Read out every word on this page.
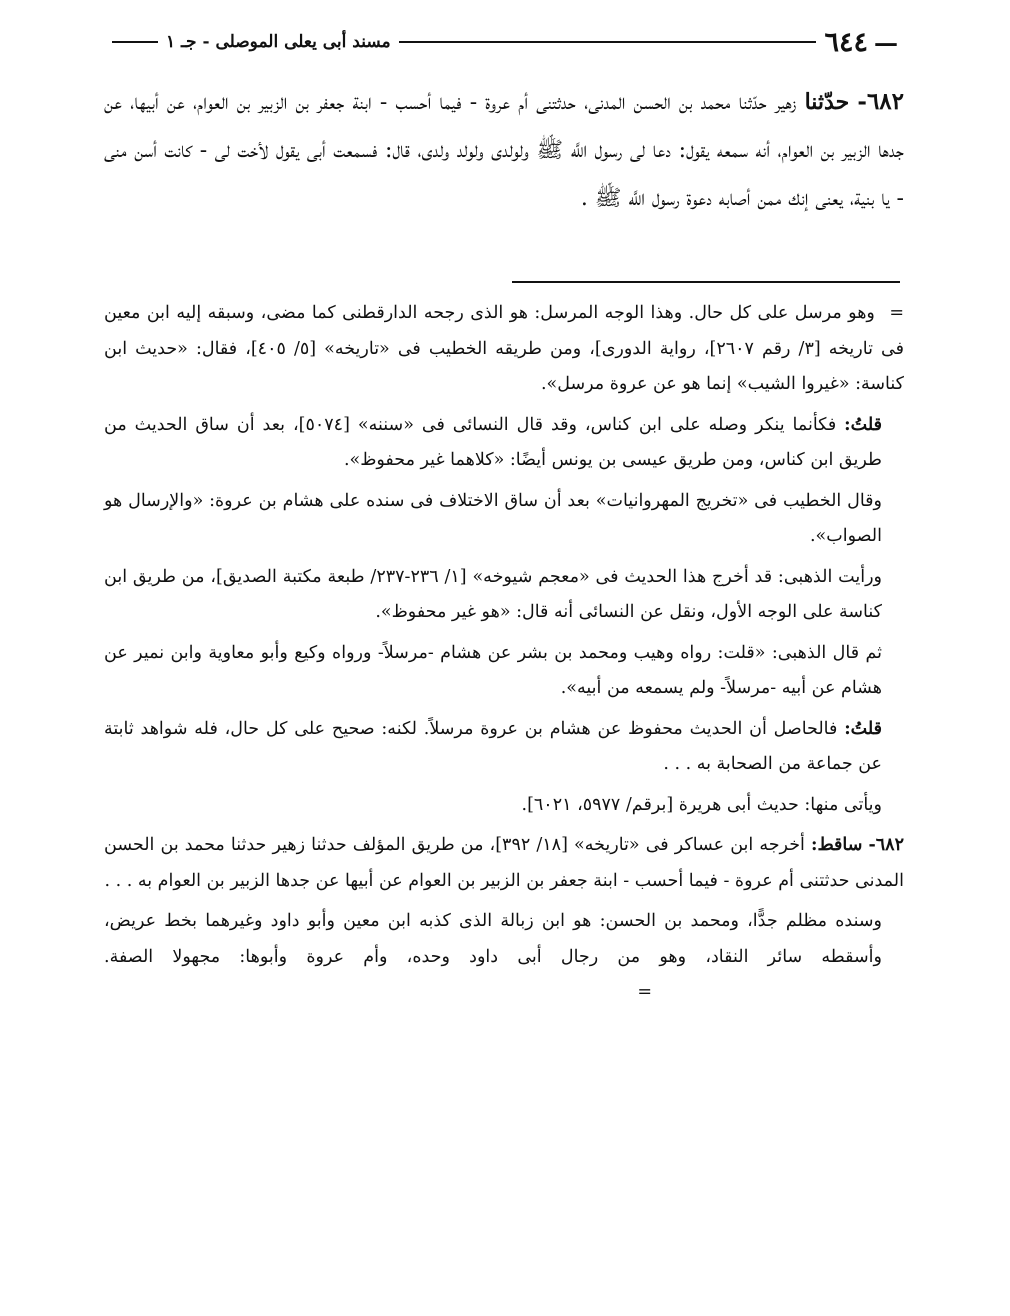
—
٦٤٤
مسند أبى يعلى الموصلى - جـ ١

٦٨٢- حدّثنا زهير حدّثنا محمد بن الحسن المدنى، حدثتنى أم عروة - فيما أحسب - ابنة جعفر بن الزبير بن العوام، عن أبيها، عن جدها الزبير بن العوام، أنه سمعه يقول: دعا لى رسول اللَّه ﷺ ولولدى ولولد ولدى، قال: فسمعت أبى يقول لأخت لى - كانت أسن منى - يا بنية، يعنى إنك ممن أصابه دعوة رسول اللَّه ﷺ .

= وهو مرسل على كل حال. وهذا الوجه المرسل: هو الذى رجحه الدارقطنى كما مضى، وسبقه إليه ابن معين فى تاريخه [٣/ رقم ٢٦٠٧]، رواية الدورى]، ومن طريقه الخطيب فى «تاريخه» [٥/ ٤٠٥]، فقال: «حديث ابن كناسة: «غيروا الشيب» إنما هو عن عروة مرسل».

قلتُ: فكأنما ينكر وصله على ابن كناس، وقد قال النسائى فى «سننه» [٥٠٧٤]، بعد أن ساق الحديث من طريق ابن كناس، ومن طريق عيسى بن يونس أيضًا: «كلاهما غير محفوظ».

وقال الخطيب فى «تخريج المهروانيات» بعد أن ساق الاختلاف فى سنده على هشام بن عروة: «والإرسال هو الصواب».

ورأيت الذهبى: قد أخرج هذا الحديث فى «معجم شيوخه» [١/ ٢٣٦-٢٣٧/ طبعة مكتبة الصديق]، من طريق ابن كناسة على الوجه الأول، ونقل عن النسائى أنه قال: «هو غير محفوظ».

ثم قال الذهبى: «قلت: رواه وهيب ومحمد بن بشر عن هشام -مرسلاً- ورواه وكيع وأبو معاوية وابن نمير عن هشام عن أبيه -مرسلاً- ولم يسمعه من أبيه».

قلتُ: فالحاصل أن الحديث محفوظ عن هشام بن عروة مرسلاً. لكنه: صحيح على كل حال، فله شواهد ثابتة عن جماعة من الصحابة به . . .

ويأتى منها: حديث أبى هريرة [برقم/ ٥٩٧٧، ٦٠٢١].

٦٨٢- ساقط: أخرجه ابن عساكر فى «تاريخه» [١٨/ ٣٩٢]، من طريق المؤلف حدثنا زهير حدثنا محمد بن الحسن المدنى حدثتنى أم عروة - فيما أحسب - ابنة جعفر بن الزبير بن العوام عن أبيها عن جدها الزبير بن العوام به . . .

وسنده مظلم جدًّا، ومحمد بن الحسن: هو ابن زبالة الذى كذبه ابن معين وأبو داود وغيرهما بخط عريض، وأسقطه سائر النقاد، وهو من رجال أبى داود وحده، وأم عروة وأبوها: مجهولا الصفة. =
